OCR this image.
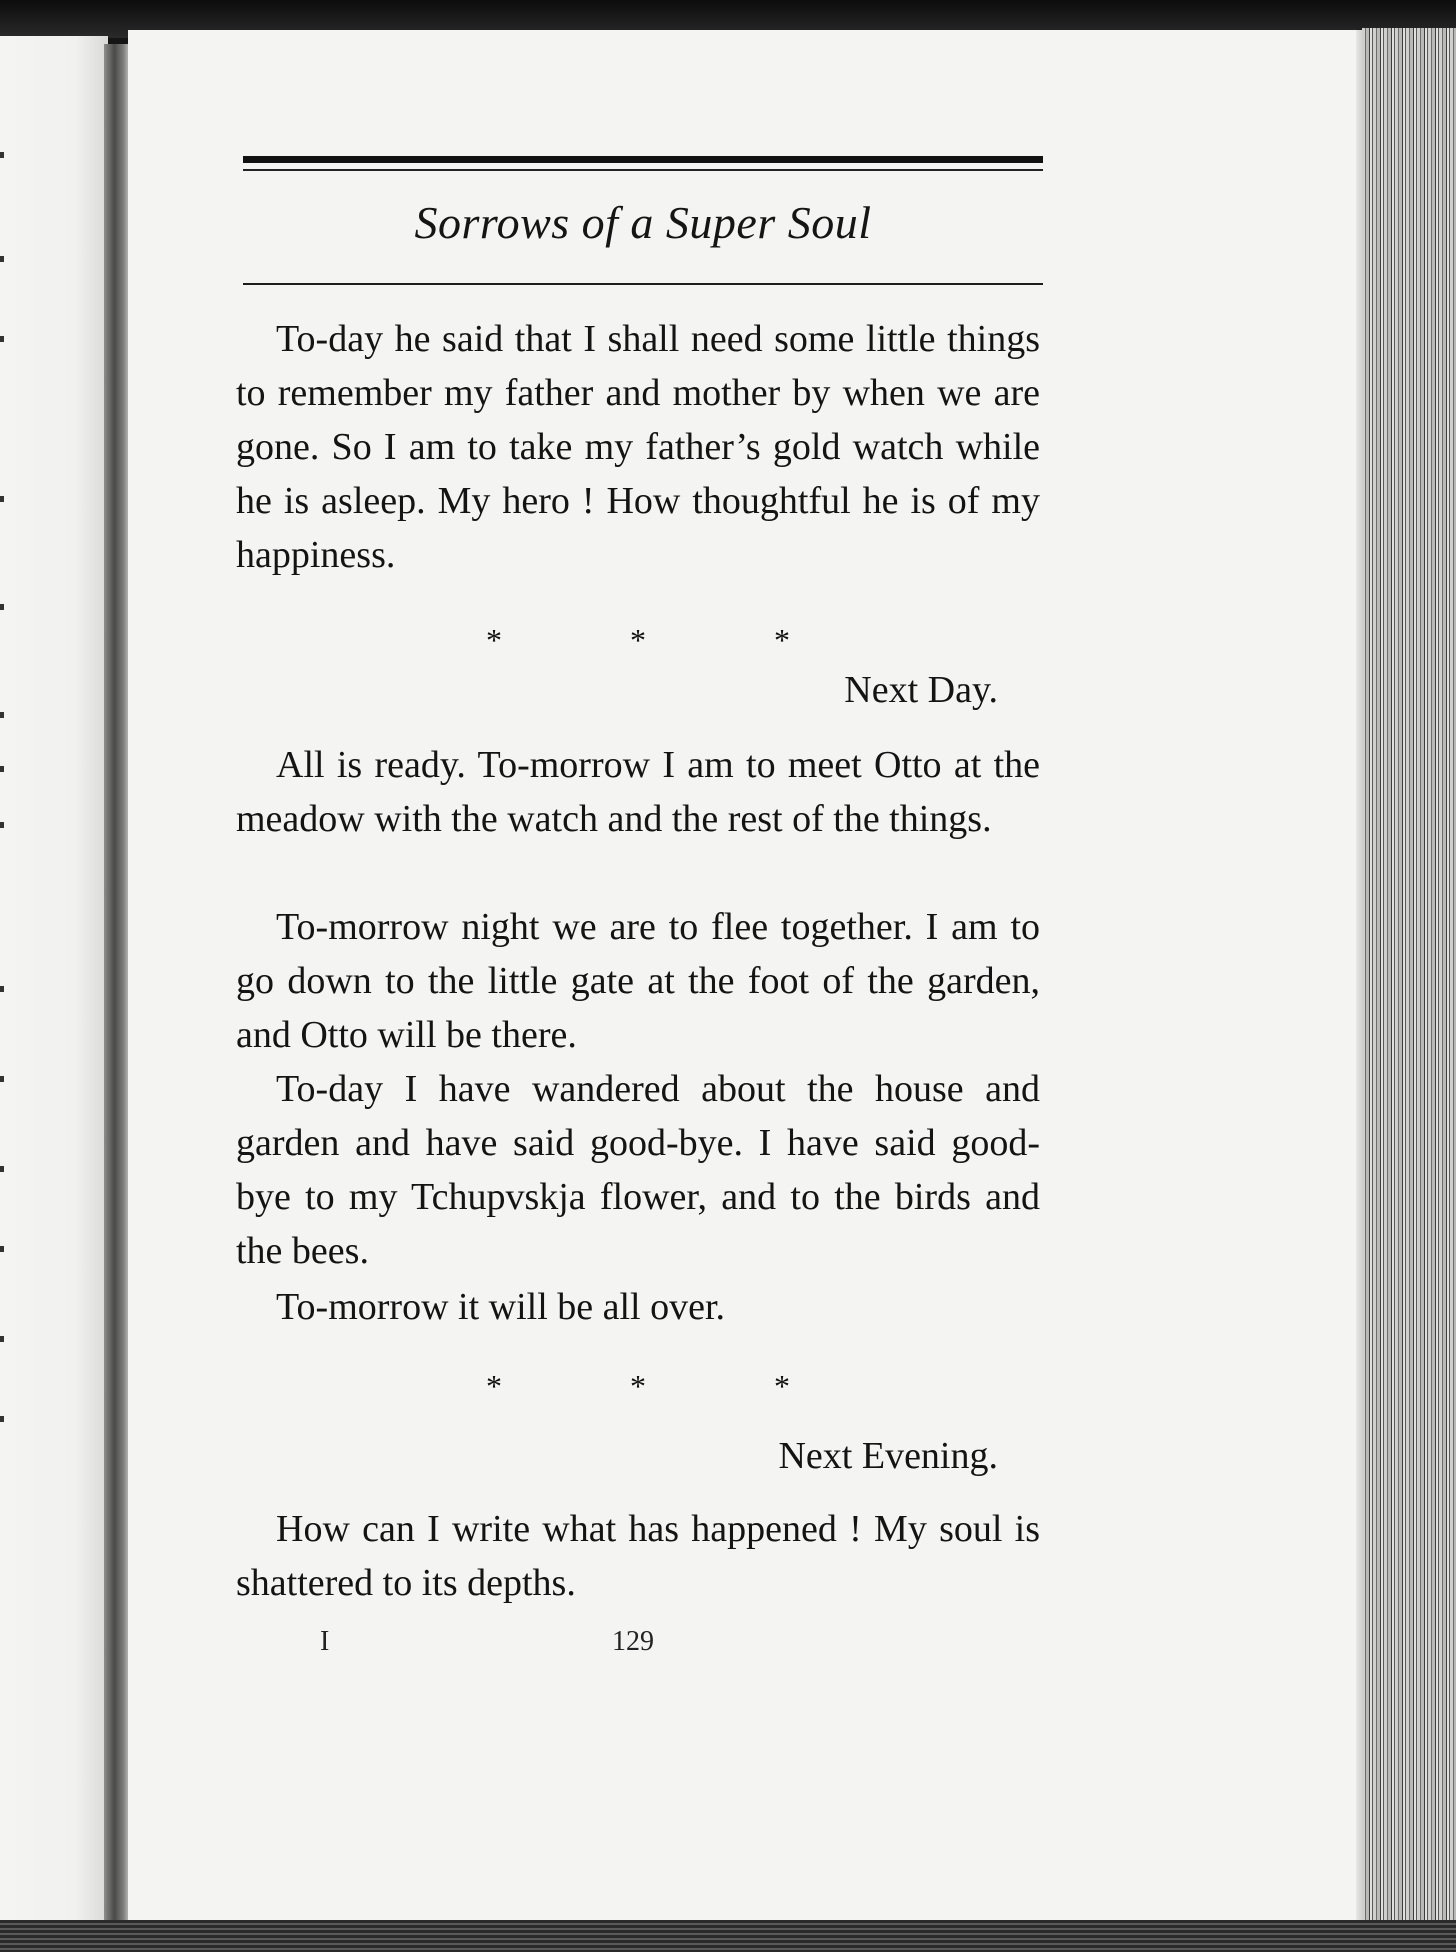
Sorrows of a Super Soul

To-day he said that I shall need some little things to remember my father and mother by when we are gone. So I am to take my father’s gold watch while he is asleep. My hero ! How thoughtful he is of my happiness.

* * *
Next Day.

All is ready. To-morrow I am to meet Otto at the meadow with the watch and the rest of the things.

To-morrow night we are to flee together. I am to go down to the little gate at the foot of the garden, and Otto will be there.

To-day I have wandered about the house and garden and have said good-bye. I have said good-bye to my Tchupvskja flower, and to the birds and the bees.

To-morrow it will be all over.

* * *
Next Evening.

How can I write what has happened ! My soul is shattered to its depths.

I	129
